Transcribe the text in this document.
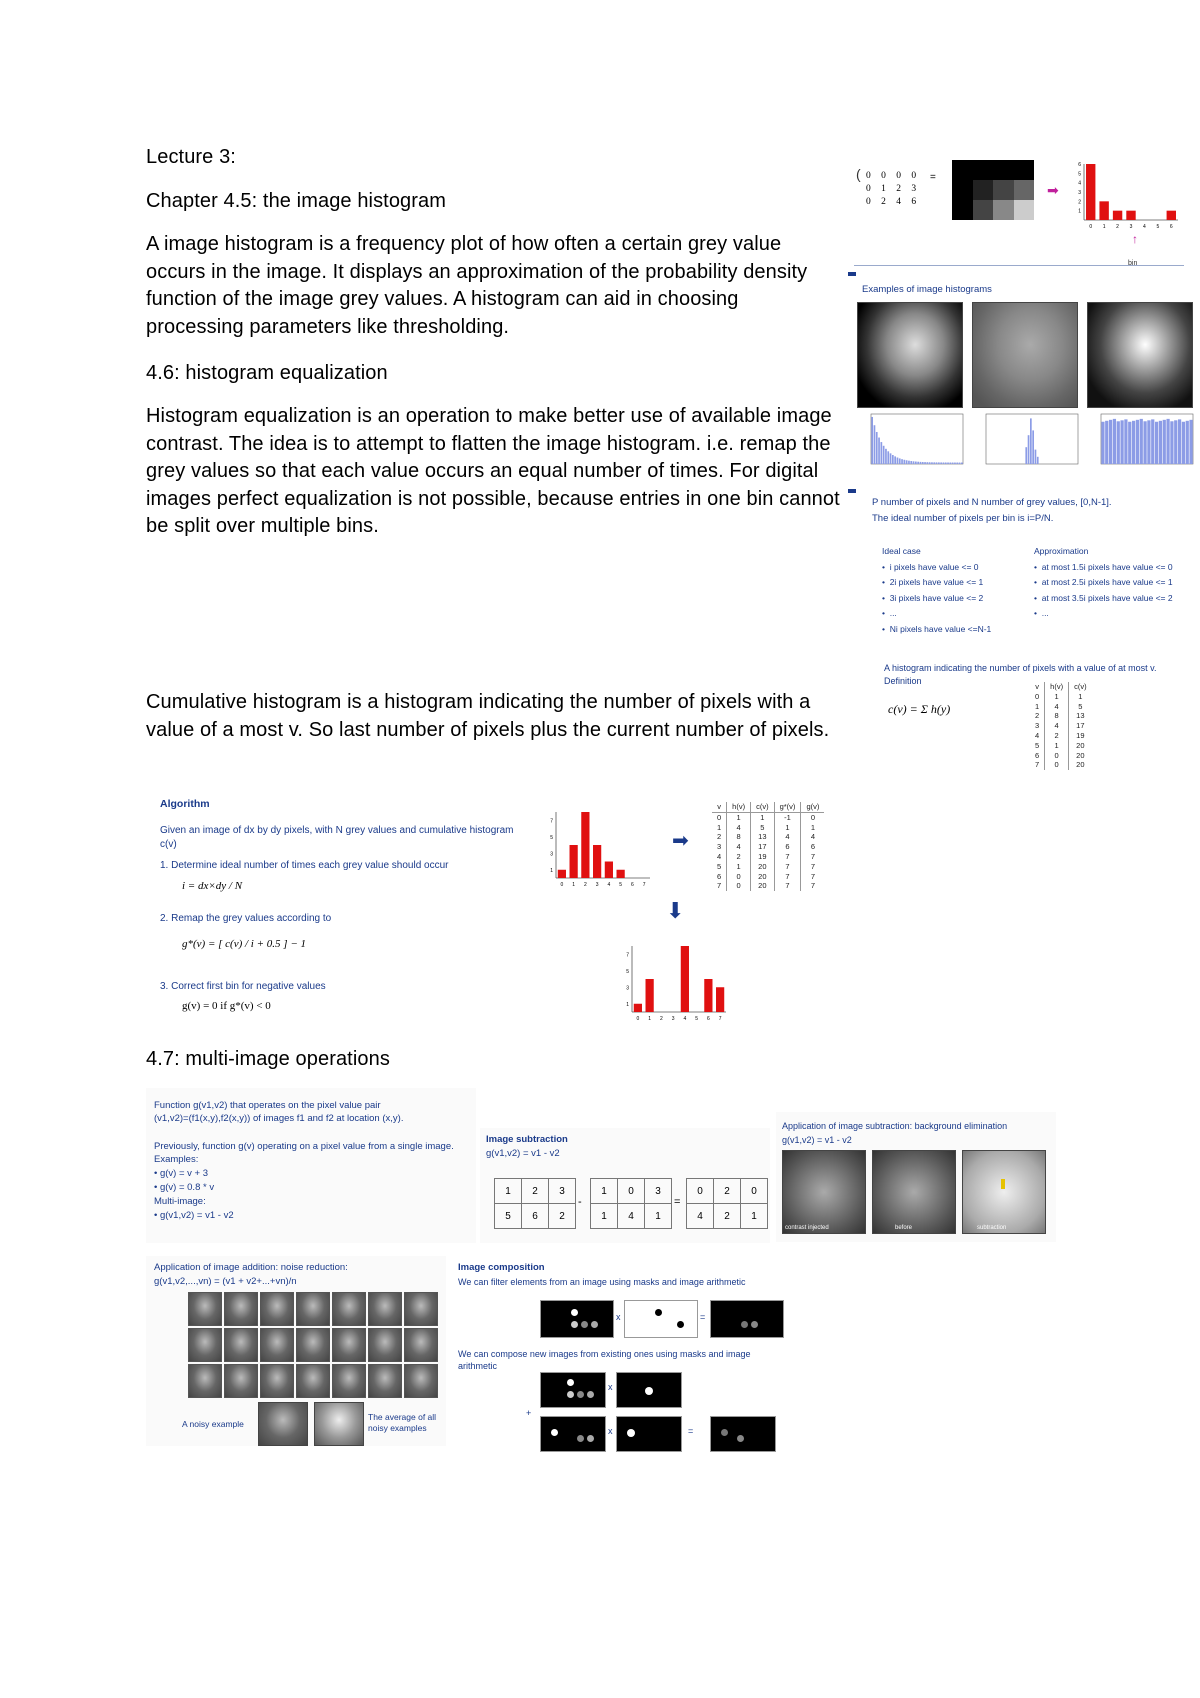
Lecture 3:
Chapter 4.5: the image histogram
A image histogram is a frequency plot of how often a certain grey value occurs in the image. It displays an approximation of the probability density function of the image grey values. A histogram can aid in choosing processing parameters like thresholding.
4.6: histogram equalization
Histogram equalization is an operation to make better use of available image contrast. The idea is to attempt to flatten the image histogram. i.e. remap the grey values so that each value occurs an equal number of times. For digital images perfect equalization is not possible, because entries in one bin cannot be split over multiple bins.
Cumulative histogram is a histogram indicating the number of pixels with a value of a most v. So last number of pixels plus the current number of pixels.
4.7: multi-image operations
( 0 0 0 0
0 1 2 3
0 2 4 6
=
➡
0 1 2 3 4 5 6
1
2
3
4
5
6
↑
bin
Examples of image histograms
P number of pixels and N number of grey values, [0,N-1].
The ideal number of pixels per bin is i=P/N.
Ideal case
•  i pixels have value <= 0
•  2i pixels have value <= 1
•  3i pixels have value <= 2
•  ...
•  Ni pixels have value <=N-1
Approximation
•  at most 1.5i pixels have value <= 0
•  at most 2.5i pixels have value <= 1
•  at most 3.5i pixels have value <= 2
•  ...
A histogram indicating the number of pixels with a value of at most v.
Definition
c(v) = Σ h(y)
v	h(v)	c(v)
0	1	1
1	4	5
2	8	13
3	4	17
4	2	19
5	1	20
6	0	20
7	0	20
Algorithm
Given an image of dx by dy pixels, with N grey values and cumulative histogram c(v)
1. Determine ideal number of times each grey value should occur
i = dx×dy / N
2. Remap the grey values according to
g*(v) = [ c(v) / i + 0.5 ] − 1
3. Correct first bin for negative values
g(v) = 0 if g*(v) < 0
0 1 2 3 4 5 6 7
1
3
5
7
➡
⬇
0 1 2 3 4 5 6 7
1
3
5
7
v	h(v)	c(v)	g*(v)	g(v)
0	1	1	-1	0
1	4	5	1	1
2	8	13	4	4
3	4	17	6	6
4	2	19	7	7
5	1	20	7	7
6	0	20	7	7
7	0	20	7	7
Function g(v1,v2) that operates on the pixel value pair
(v1,v2)=(f1(x,y),f2(x,y)) of images f1 and f2 at location (x,y).
Previously, function g(v) operating on a pixel value from a single image.
Examples:
• g(v) = v + 3
• g(v) = 0.8 * v
Multi-image:
• g(v1,v2) = v1 - v2
Image subtraction
g(v1,v2) = v1 - v2
1	2	3
5	6	2
-
1	0	3
1	4	1
=
0	2	0
4	2	1
Application of image subtraction: background elimination
g(v1,v2) = v1 - v2
contrast injected	before	subtraction
Application of image addition: noise reduction:
g(v1,v2,...,vn) = (v1 + v2+...+vn)/n
A noisy example
The average of all noisy examples
Image composition
We can filter elements from an image using masks and image arithmetic
x	=
We can compose new images from existing ones using masks and image arithmetic
x
+
x	=
